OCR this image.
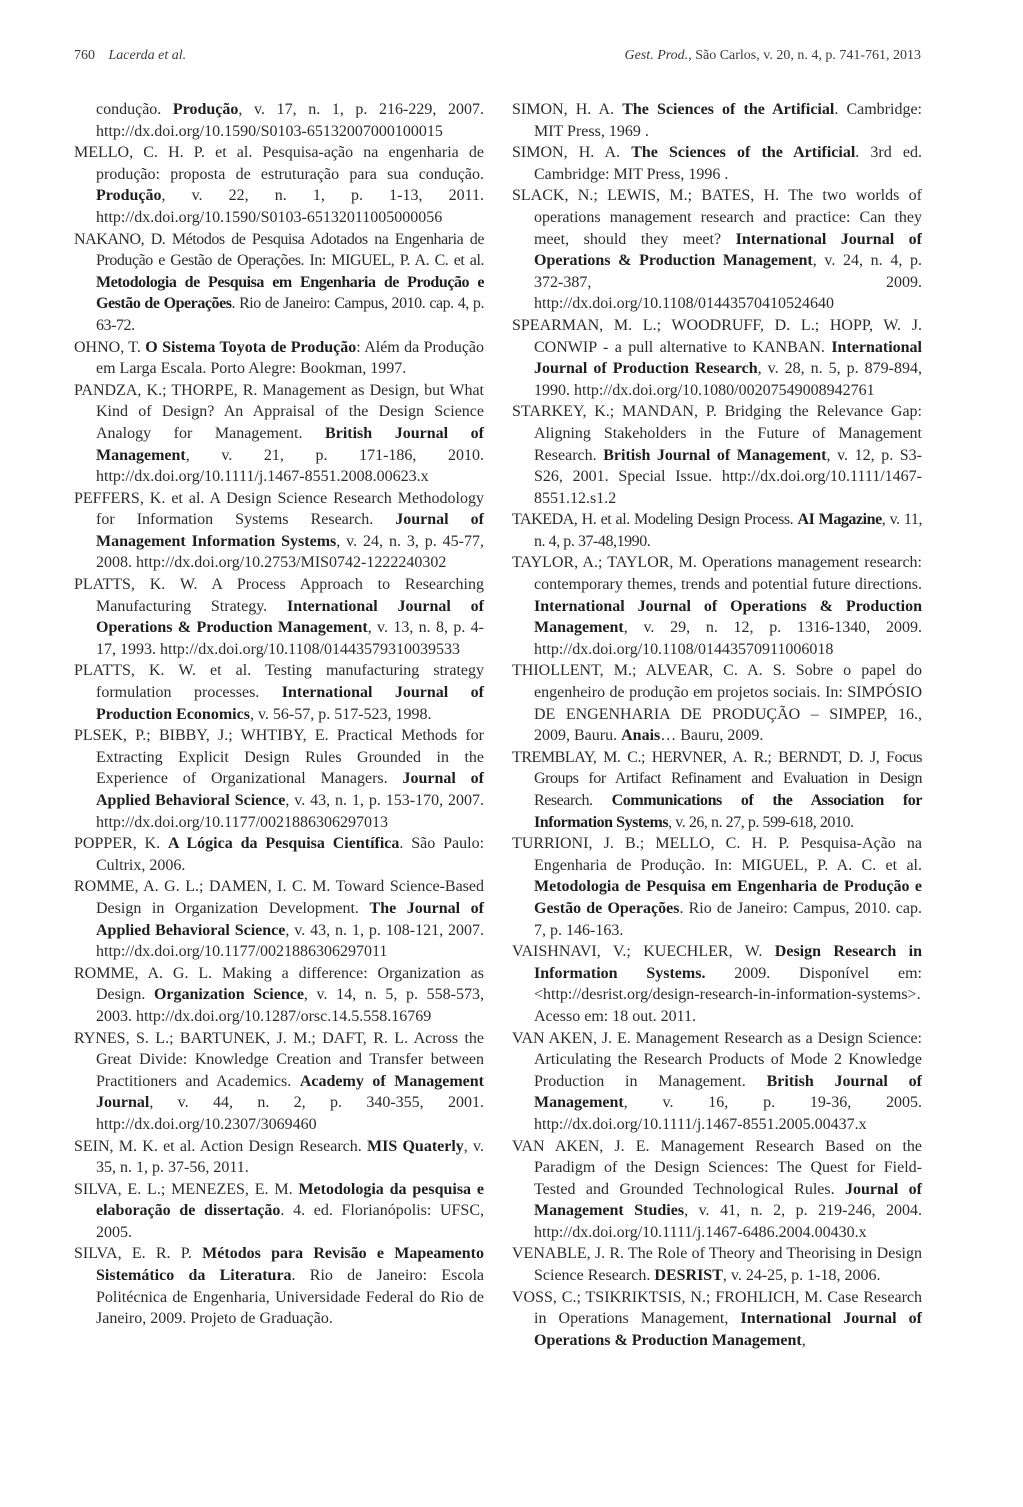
760 Lacerda et al.	Gest. Prod., São Carlos, v. 20, n. 4, p. 741-761, 2013

condução. Produção, v. 17, n. 1, p. 216-229, 2007. http://dx.doi.org/10.1590/S0103-65132007000100015

MELLO, C. H. P. et al. Pesquisa-ação na engenharia de produção: proposta de estruturação para sua condução. Produção, v. 22, n. 1, p. 1-13, 2011. http://dx.doi.org/10.1590/S0103-65132011005000056

NAKANO, D. Métodos de Pesquisa Adotados na Engenharia de Produção e Gestão de Operações. In: MIGUEL, P. A. C. et al. Metodologia de Pesquisa em Engenharia de Produção e Gestão de Operações. Rio de Janeiro: Campus, 2010. cap. 4, p. 63-72.

OHNO, T. O Sistema Toyota de Produção: Além da Produção em Larga Escala. Porto Alegre: Bookman, 1997.

PANDZA, K.; THORPE, R. Management as Design, but What Kind of Design? An Appraisal of the Design Science Analogy for Management. British Journal of Management, v. 21, p. 171-186, 2010. http://dx.doi.org/10.1111/j.1467-8551.2008.00623.x

PEFFERS, K. et al. A Design Science Research Methodology for Information Systems Research. Journal of Management Information Systems, v. 24, n. 3, p. 45-77, 2008. http://dx.doi.org/10.2753/MIS0742-1222240302

PLATTS, K. W. A Process Approach to Researching Manufacturing Strategy. International Journal of Operations & Production Management, v. 13, n. 8, p. 4-17, 1993. http://dx.doi.org/10.1108/01443579310039533

PLATTS, K. W. et al. Testing manufacturing strategy formulation processes. International Journal of Production Economics, v. 56-57, p. 517-523, 1998.

PLSEK, P.; BIBBY, J.; WHTIBY, E. Practical Methods for Extracting Explicit Design Rules Grounded in the Experience of Organizational Managers. Journal of Applied Behavioral Science, v. 43, n. 1, p. 153-170, 2007. http://dx.doi.org/10.1177/0021886306297013

POPPER, K. A Lógica da Pesquisa Científica. São Paulo: Cultrix, 2006.

ROMME, A. G. L.; DAMEN, I. C. M. Toward Science-Based Design in Organization Development. The Journal of Applied Behavioral Science, v. 43, n. 1, p. 108-121, 2007. http://dx.doi.org/10.1177/0021886306297011

ROMME, A. G. L. Making a difference: Organization as Design. Organization Science, v. 14, n. 5, p. 558-573, 2003. http://dx.doi.org/10.1287/orsc.14.5.558.16769

RYNES, S. L.; BARTUNEK, J. M.; DAFT, R. L. Across the Great Divide: Knowledge Creation and Transfer between Practitioners and Academics. Academy of Management Journal, v. 44, n. 2, p. 340-355, 2001. http://dx.doi.org/10.2307/3069460

SEIN, M. K. et al. Action Design Research. MIS Quaterly, v. 35, n. 1, p. 37-56, 2011.

SILVA, E. L.; MENEZES, E. M. Metodologia da pesquisa e elaboração de dissertação. 4. ed. Florianópolis: UFSC, 2005.

SILVA, E. R. P. Métodos para Revisão e Mapeamento Sistemático da Literatura. Rio de Janeiro: Escola Politécnica de Engenharia, Universidade Federal do Rio de Janeiro, 2009. Projeto de Graduação.

SIMON, H. A. The Sciences of the Artificial. Cambridge: MIT Press, 1969 .

SIMON, H. A. The Sciences of the Artificial. 3rd ed. Cambridge: MIT Press, 1996 .

SLACK, N.; LEWIS, M.; BATES, H. The two worlds of operations management research and practice: Can they meet, should they meet? International Journal of Operations & Production Management, v. 24, n. 4, p. 372-387, 2009. http://dx.doi.org/10.1108/01443570410524640

SPEARMAN, M. L.; WOODRUFF, D. L.; HOPP, W. J. CONWIP - a pull alternative to KANBAN. International Journal of Production Research, v. 28, n. 5, p. 879-894, 1990. http://dx.doi.org/10.1080/00207549008942761

STARKEY, K.; MANDAN, P. Bridging the Relevance Gap: Aligning Stakeholders in the Future of Management Research. British Journal of Management, v. 12, p. S3-S26, 2001. Special Issue. http://dx.doi.org/10.1111/1467-8551.12.s1.2

TAKEDA, H. et al. Modeling Design Process. AI Magazine, v. 11, n. 4, p. 37-48,1990.

TAYLOR, A.; TAYLOR, M. Operations management research: contemporary themes, trends and potential future directions. International Journal of Operations & Production Management, v. 29, n. 12, p. 1316-1340, 2009. http://dx.doi.org/10.1108/01443570911006018

THIOLLENT, M.; ALVEAR, C. A. S. Sobre o papel do engenheiro de produção em projetos sociais. In: SIMPÓSIO DE ENGENHARIA DE PRODUÇÃO – SIMPEP, 16., 2009, Bauru. Anais… Bauru, 2009.

TREMBLAY, M. C.; HERVNER, A. R.; BERNDT, D. J, Focus Groups for Artifact Refinament and Evaluation in Design Research. Communications of the Association for Information Systems, v. 26, n. 27, p. 599-618, 2010.

TURRIONI, J. B.; MELLO, C. H. P. Pesquisa-Ação na Engenharia de Produção. In: MIGUEL, P. A. C. et al. Metodologia de Pesquisa em Engenharia de Produção e Gestão de Operações. Rio de Janeiro: Campus, 2010. cap. 7, p. 146-163.

VAISHNAVI, V.; KUECHLER, W. Design Research in Information Systems. 2009. Disponível em: <http://desrist.org/design-research-in-information-systems>. Acesso em: 18 out. 2011.

VAN AKEN, J. E. Management Research as a Design Science: Articulating the Research Products of Mode 2 Knowledge Production in Management. British Journal of Management, v. 16, p. 19-36, 2005. http://dx.doi.org/10.1111/j.1467-8551.2005.00437.x

VAN AKEN, J. E. Management Research Based on the Paradigm of the Design Sciences: The Quest for Field-Tested and Grounded Technological Rules. Journal of Management Studies, v. 41, n. 2, p. 219-246, 2004. http://dx.doi.org/10.1111/j.1467-6486.2004.00430.x

VENABLE, J. R. The Role of Theory and Theorising in Design Science Research. DESRIST, v. 24-25, p. 1-18, 2006.

VOSS, C.; TSIKRIKTSIS, N.; FROHLICH, M. Case Research in Operations Management, International Journal of Operations & Production Management,
